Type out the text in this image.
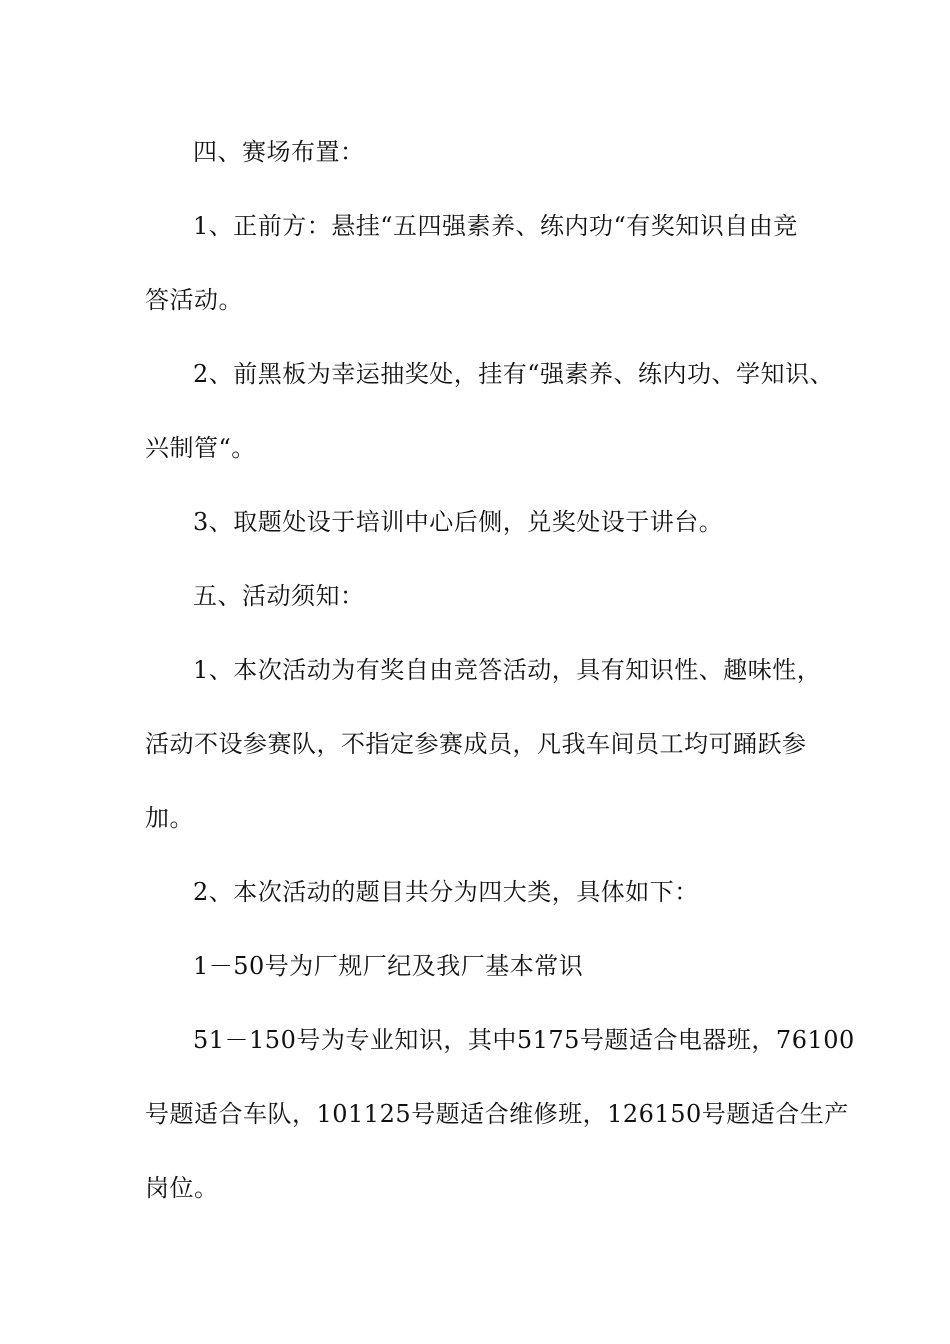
四、赛场布置：
1、正前方：悬挂“五四强素养、练内功“有奖知识自由竞
答活动。
2、前黑板为幸运抽奖处，挂有“强素养、练内功、学知识、
兴制管“。
3、取题处设于培训中心后侧，兑奖处设于讲台。
五、活动须知：
1、本次活动为有奖自由竞答活动，具有知识性、趣味性，
活动不设参赛队，不指定参赛成员，凡我车间员工均可踊跃参
加。
2、本次活动的题目共分为四大类，具体如下：
1－50号为厂规厂纪及我厂基本常识
51－150号为专业知识，其中5175号题适合电器班，76100
号题适合车队，101125号题适合维修班，126150号题适合生产
岗位。
